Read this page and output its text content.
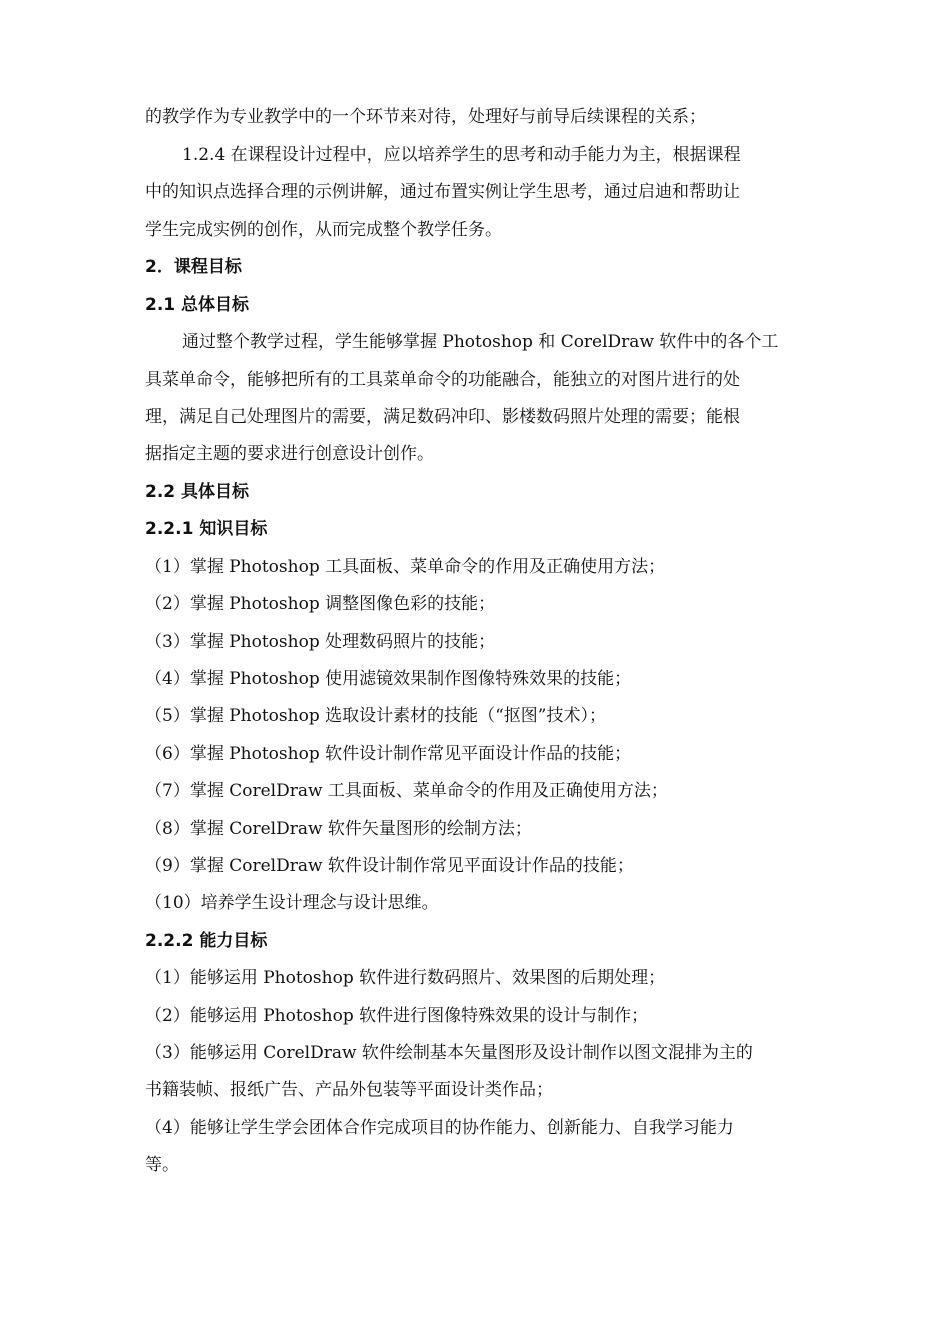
的教学作为专业教学中的一个环节来对待，处理好与前导后续课程的关系；
1.2.4 在课程设计过程中，应以培养学生的思考和动手能力为主，根据课程
中的知识点选择合理的示例讲解，通过布置实例让学生思考，通过启迪和帮助让
学生完成实例的创作，从而完成整个教学任务。
2．课程目标
2.1 总体目标
通过整个教学过程，学生能够掌握 Photoshop 和 CorelDraw 软件中的各个工
具菜单命令，能够把所有的工具菜单命令的功能融合，能独立的对图片进行的处
理，满足自己处理图片的需要，满足数码冲印、影楼数码照片处理的需要；能根
据指定主题的要求进行创意设计创作。
2.2 具体目标
2.2.1 知识目标
（1）掌握 Photoshop 工具面板、菜单命令的作用及正确使用方法；
（2）掌握 Photoshop 调整图像色彩的技能；
（3）掌握 Photoshop 处理数码照片的技能；
（4）掌握 Photoshop 使用滤镜效果制作图像特殊效果的技能；
（5）掌握 Photoshop 选取设计素材的技能（“抠图”技术）；
（6）掌握 Photoshop 软件设计制作常见平面设计作品的技能；
（7）掌握 CorelDraw 工具面板、菜单命令的作用及正确使用方法；
（8）掌握 CorelDraw 软件矢量图形的绘制方法；
（9）掌握 CorelDraw 软件设计制作常见平面设计作品的技能；
（10）培养学生设计理念与设计思维。
2.2.2 能力目标
（1）能够运用 Photoshop 软件进行数码照片、效果图的后期处理；
（2）能够运用 Photoshop 软件进行图像特殊效果的设计与制作；
（3）能够运用 CorelDraw 软件绘制基本矢量图形及设计制作以图文混排为主的
书籍装帧、报纸广告、产品外包装等平面设计类作品；
（4）能够让学生学会团体合作完成项目的协作能力、创新能力、自我学习能力
等。
